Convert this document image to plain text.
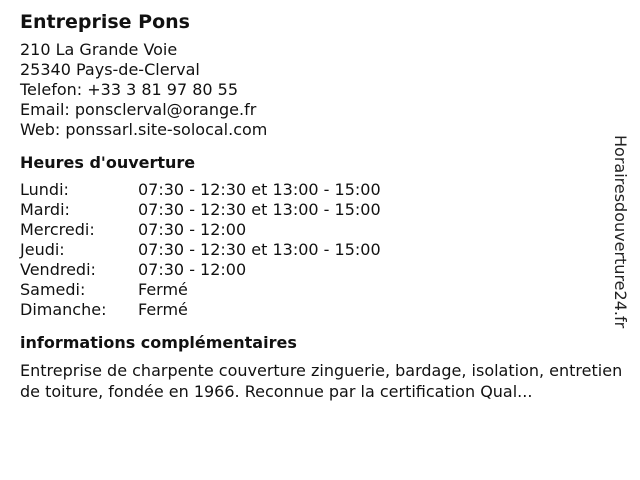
Entreprise Pons
210 La Grande Voie
25340 Pays-de-Clerval
Telefon: +33 3 81 97 80 55
Email: ponsclerval@orange.fr
Web: ponssarl.site-solocal.com
Heures d'ouverture
Lundi:	07:30 - 12:30 et 13:00 - 15:00
Mardi:	07:30 - 12:30 et 13:00 - 15:00
Mercredi:	07:30 - 12:00
Jeudi:	07:30 - 12:30 et 13:00 - 15:00
Vendredi:	07:30 - 12:00
Samedi:	Fermé
Dimanche: Fermé
informations complémentaires
Entreprise de charpente couverture zinguerie, bardage, isolation, entretien de toiture, fondée en 1966. Reconnue par la certification Qual...
Horairesdouverture24.fr
